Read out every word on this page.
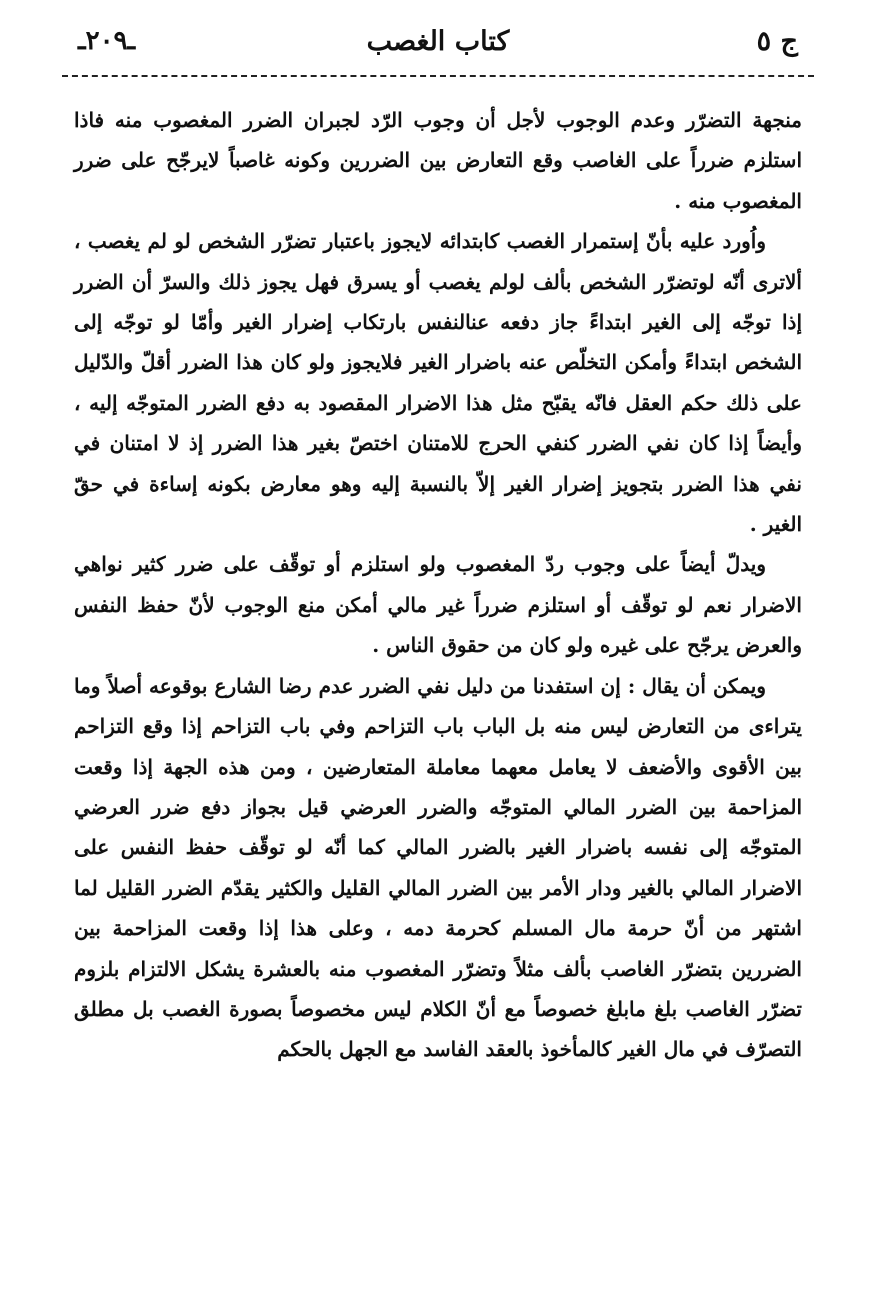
ج ٥
كتاب الغصب
ـ٢٠٩ـ

منجهة التضرّر وعدم الوجوب لأجل أن وجوب الرّد لجبران الضرر المغصوب منه فاذا استلزم ضرراً على الغاصب وقع التعارض بين الضررين وكونه غاصباً لايرجّح على ضرر المغصوب منه .

واُورد عليه بأنّ إستمرار الغصب كابتدائه لايجوز باعتبار تضرّر الشخص لو لم يغصب ، ألاترى أنّه لوتضرّر الشخص بألف لولم يغصب أو يسرق فهل يجوز ذلك والسرّ أن الضرر إذا توجّه إلى الغير ابتداءً جاز دفعه عنالنفس بارتكاب إضرار الغير وأمّا لو توجّه إلى الشخص ابتداءً وأمكن التخلّص عنه باضرار الغير فلايجوز ولو كان هذا الضرر أقلّ والدّليل على ذلك حكم العقل فانّه يقبّح مثل هذا الاضرار المقصود به دفع الضرر المتوجّه إليه ، وأيضاً إذا كان نفي الضرر كنفي الحرج للامتنان اختصّ بغير هذا الضرر إذ لا امتنان في نفي هذا الضرر بتجويز إضرار الغير إلاّ بالنسبة إليه وهو معارض بكونه إساءة في حقّ الغير .

ويدلّ أيضاً على وجوب ردّ المغصوب ولو استلزم أو توقّف على ضرر كثير نواهي الاضرار نعم لو توقّف أو استلزم ضرراً غير مالي أمكن منع الوجوب لأنّ حفظ النفس والعرض يرجّح على غيره ولو كان من حقوق الناس .

ويمكن أن يقال : إن استفدنا من دليل نفي الضرر عدم رضا الشارع بوقوعه أصلاً وما يتراءى من التعارض ليس منه بل الباب باب التزاحم وفي باب التزاحم إذا وقع التزاحم بين الأقوى والأضعف لا يعامل معهما معاملة المتعارضين ، ومن هذه الجهة إذا وقعت المزاحمة بين الضرر المالي المتوجّه والضرر العرضي قيل بجواز دفع ضرر العرضي المتوجّه إلى نفسه باضرار الغير بالضرر المالي كما أنّه لو توقّف حفظ النفس على الاضرار المالي بالغير ودار الأمر بين الضرر المالي القليل والكثير يقدّم الضرر القليل لما اشتهر من أنّ حرمة مال المسلم كحرمة دمه ، وعلى هذا إذا وقعت المزاحمة بين الضررين بتضرّر الغاصب بألف مثلاً وتضرّر المغصوب منه بالعشرة يشكل الالتزام بلزوم تضرّر الغاصب بلغ مابلغ خصوصاً مع أنّ الكلام ليس مخصوصاً بصورة الغصب بل مطلق التصرّف في مال الغير كالمأخوذ بالعقد الفاسد مع الجهل بالحكم
